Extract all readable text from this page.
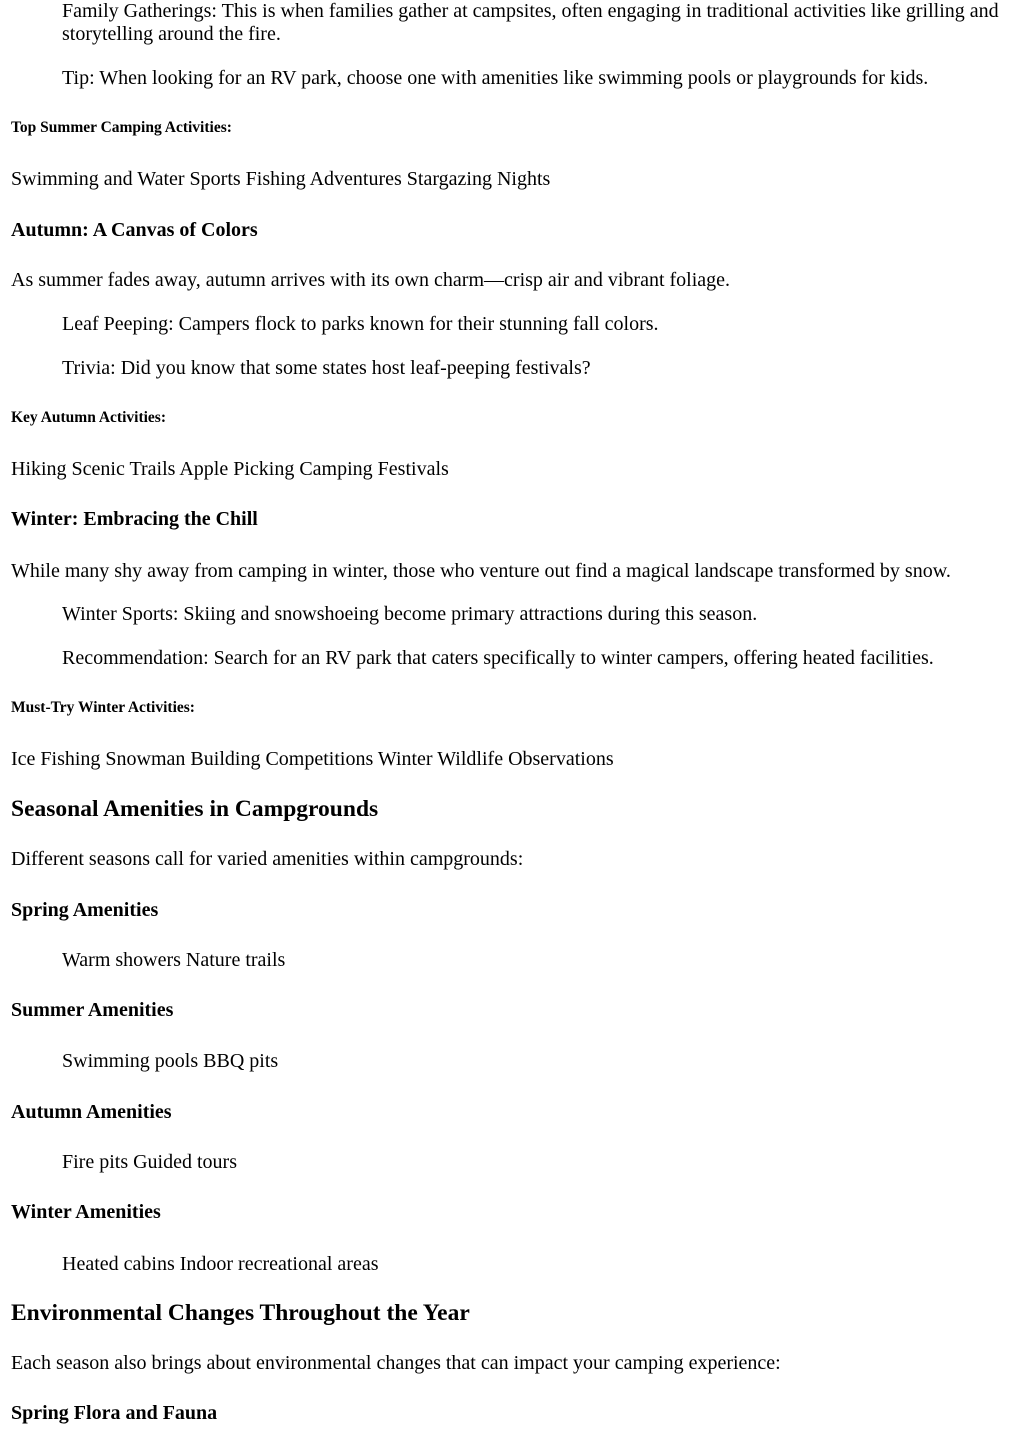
Family Gatherings: This is when families gather at campsites, often engaging in traditional activities like grilling and storytelling around the fire.

Tip: When looking for an RV park, choose one with amenities like swimming pools or playgrounds for kids.

Top Summer Camping Activities:

Swimming and Water Sports Fishing Adventures Stargazing Nights

Autumn: A Canvas of Colors

As summer fades away, autumn arrives with its own charm—crisp air and vibrant foliage.

Leaf Peeping: Campers flock to parks known for their stunning fall colors.

Trivia: Did you know that some states host leaf-peeping festivals?

Key Autumn Activities:

Hiking Scenic Trails Apple Picking Camping Festivals

Winter: Embracing the Chill

While many shy away from camping in winter, those who venture out find a magical landscape transformed by snow.

Winter Sports: Skiing and snowshoeing become primary attractions during this season.

Recommendation: Search for an RV park that caters specifically to winter campers, offering heated facilities.

Must-Try Winter Activities:

Ice Fishing Snowman Building Competitions Winter Wildlife Observations

Seasonal Amenities in Campgrounds

Different seasons call for varied amenities within campgrounds:

Spring Amenities

Warm showers Nature trails

Summer Amenities

Swimming pools BBQ pits

Autumn Amenities

Fire pits Guided tours

Winter Amenities

Heated cabins Indoor recreational areas

Environmental Changes Throughout the Year

Each season also brings about environmental changes that can impact your camping experience:

Spring Flora and Fauna
